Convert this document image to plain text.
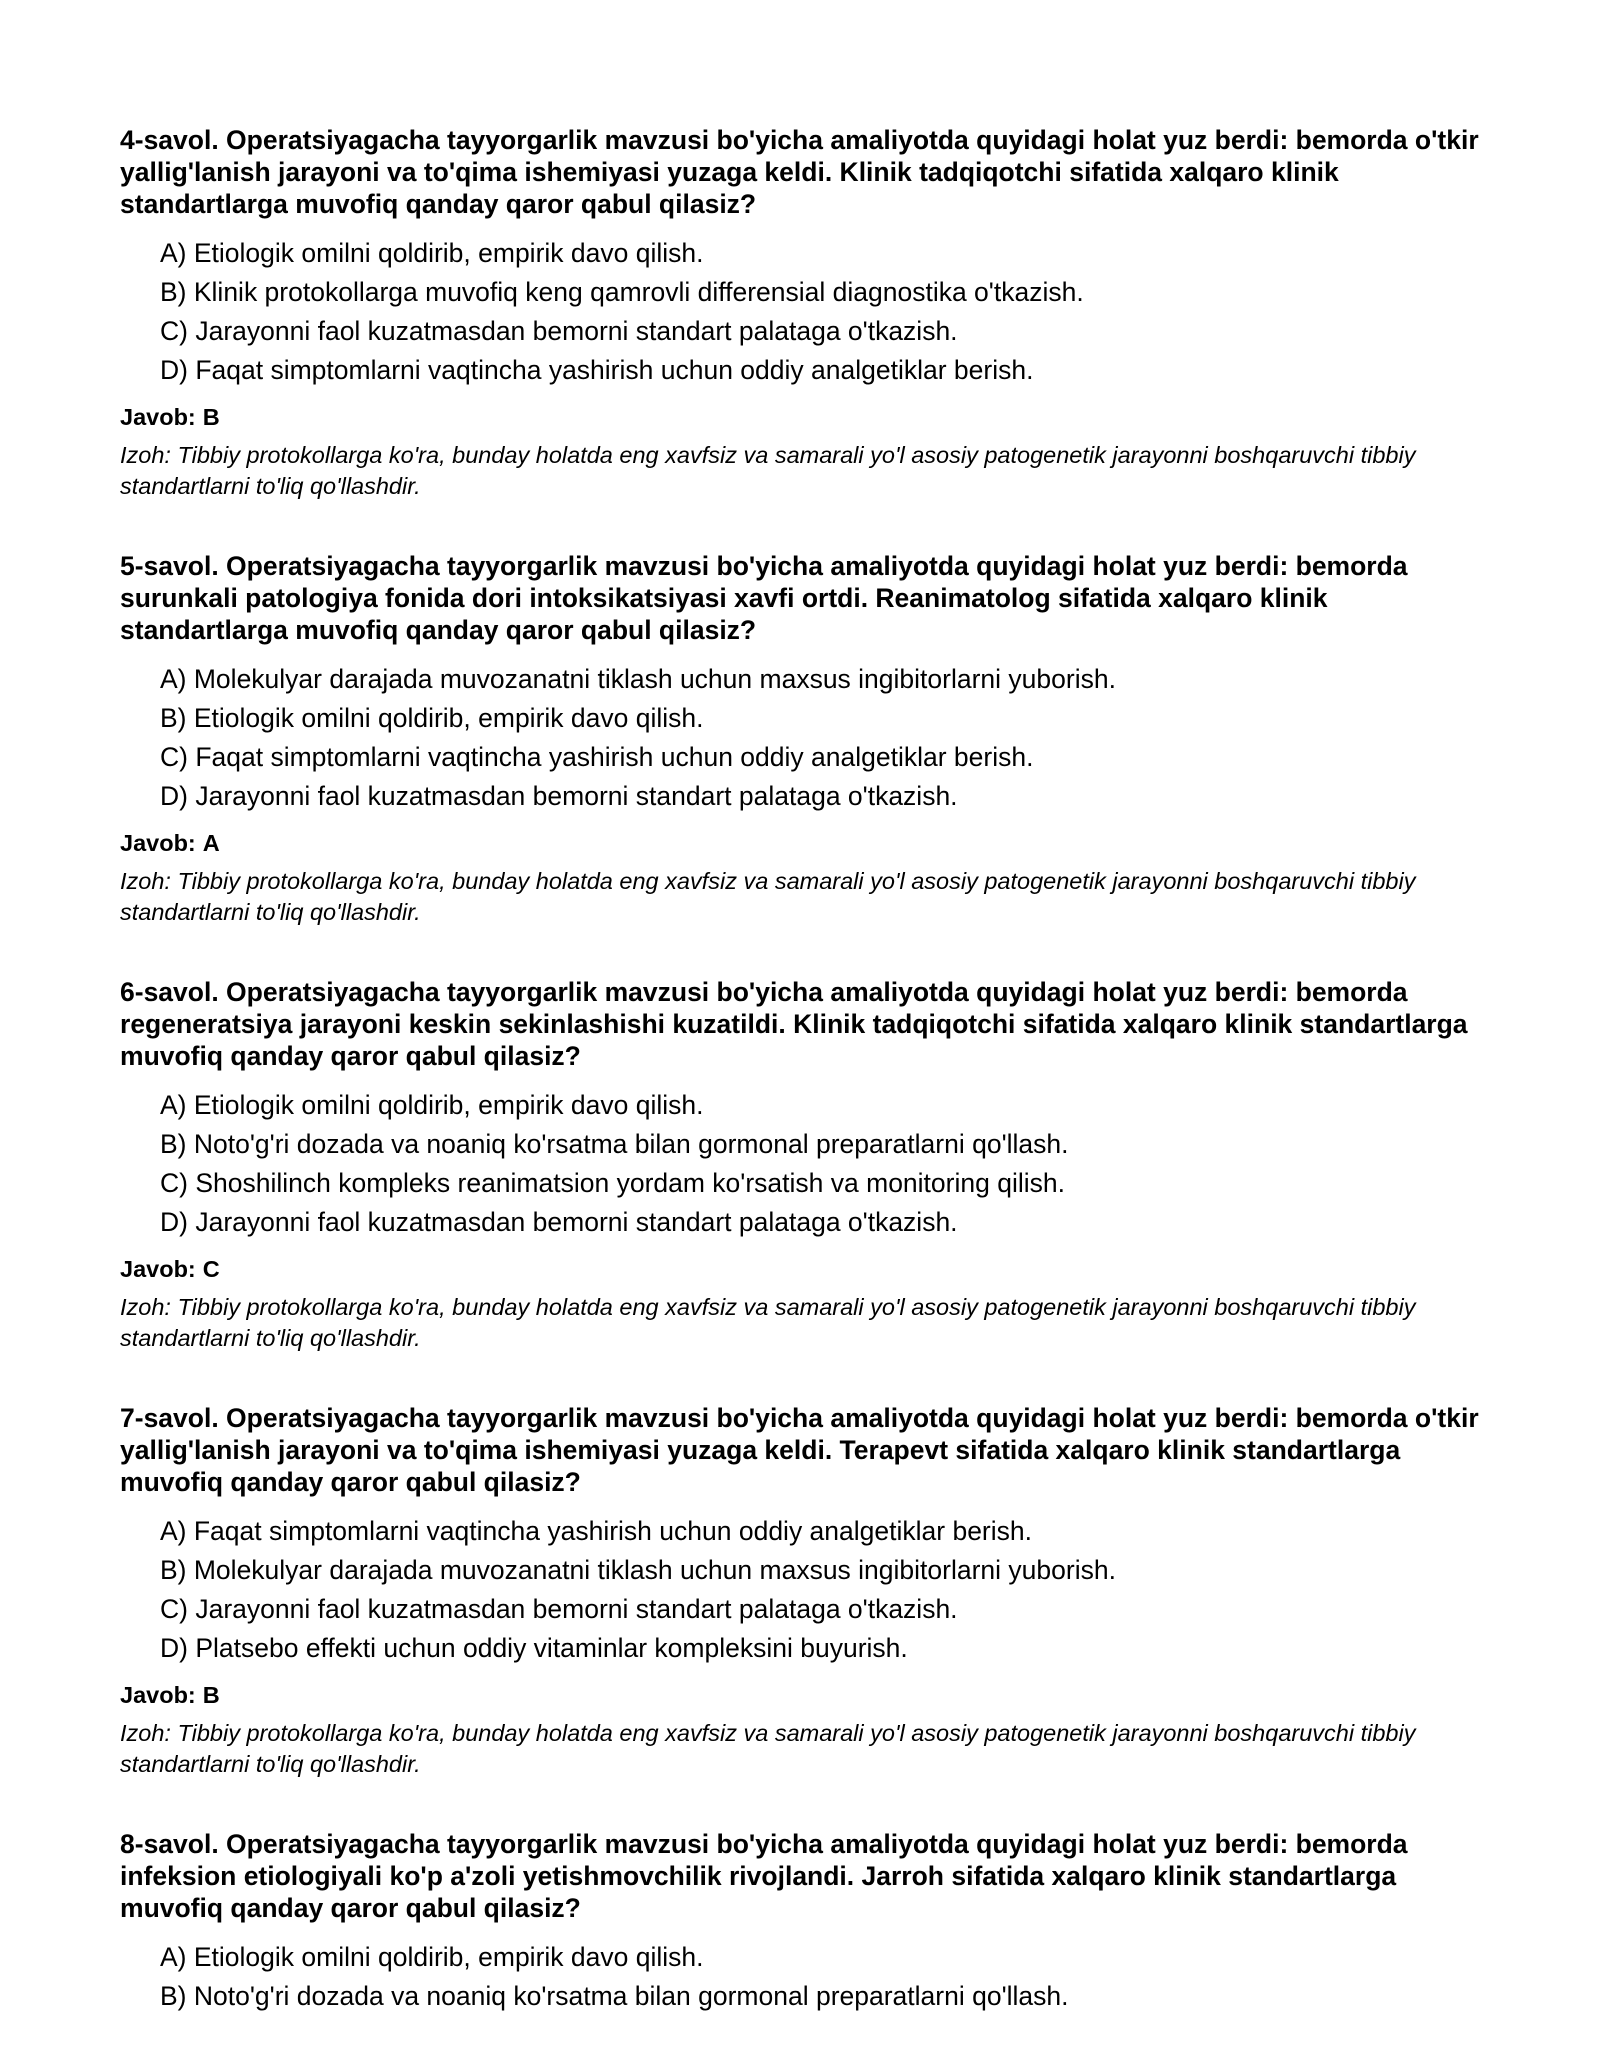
4-savol. Operatsiyagacha tayyorgarlik mavzusi bo'yicha amaliyotda quyidagi holat yuz berdi: bemorda o'tkir yallig'lanish jarayoni va to'qima ishemiyasi yuzaga keldi. Klinik tadqiqotchi sifatida xalqaro klinik standartlarga muvofiq qanday qaror qabul qilasiz?

A) Etiologik omilni qoldirib, empirik davo qilish.
B) Klinik protokollarga muvofiq keng qamrovli differensial diagnostika o'tkazish.
C) Jarayonni faol kuzatmasdan bemorni standart palataga o'tkazish.
D) Faqat simptomlarni vaqtincha yashirish uchun oddiy analgetiklar berish.
Javob: B

Izoh: Tibbiy protokollarga ko'ra, bunday holatda eng xavfsiz va samarali yo'l asosiy patogenetik jarayonni boshqaruvchi tibbiy standartlarni to'liq qo'llashdir.

5-savol. Operatsiyagacha tayyorgarlik mavzusi bo'yicha amaliyotda quyidagi holat yuz berdi: bemorda surunkali patologiya fonida dori intoksikatsiyasi xavfi ortdi. Reanimatolog sifatida xalqaro klinik standartlarga muvofiq qanday qaror qabul qilasiz?

A) Molekulyar darajada muvozanatni tiklash uchun maxsus ingibitorlarni yuborish.
B) Etiologik omilni qoldirib, empirik davo qilish.
C) Faqat simptomlarni vaqtincha yashirish uchun oddiy analgetiklar berish.
D) Jarayonni faol kuzatmasdan bemorni standart palataga o'tkazish.
Javob: A

Izoh: Tibbiy protokollarga ko'ra, bunday holatda eng xavfsiz va samarali yo'l asosiy patogenetik jarayonni boshqaruvchi tibbiy standartlarni to'liq qo'llashdir.

6-savol. Operatsiyagacha tayyorgarlik mavzusi bo'yicha amaliyotda quyidagi holat yuz berdi: bemorda regeneratsiya jarayoni keskin sekinlashishi kuzatildi. Klinik tadqiqotchi sifatida xalqaro klinik standartlarga muvofiq qanday qaror qabul qilasiz?

A) Etiologik omilni qoldirib, empirik davo qilish.
B) Noto'g'ri dozada va noaniq ko'rsatma bilan gormonal preparatlarni qo'llash.
C) Shoshilinch kompleks reanimatsion yordam ko'rsatish va monitoring qilish.
D) Jarayonni faol kuzatmasdan bemorni standart palataga o'tkazish.
Javob: C

Izoh: Tibbiy protokollarga ko'ra, bunday holatda eng xavfsiz va samarali yo'l asosiy patogenetik jarayonni boshqaruvchi tibbiy standartlarni to'liq qo'llashdir.

7-savol. Operatsiyagacha tayyorgarlik mavzusi bo'yicha amaliyotda quyidagi holat yuz berdi: bemorda o'tkir yallig'lanish jarayoni va to'qima ishemiyasi yuzaga keldi. Terapevt sifatida xalqaro klinik standartlarga muvofiq qanday qaror qabul qilasiz?

A) Faqat simptomlarni vaqtincha yashirish uchun oddiy analgetiklar berish.
B) Molekulyar darajada muvozanatni tiklash uchun maxsus ingibitorlarni yuborish.
C) Jarayonni faol kuzatmasdan bemorni standart palataga o'tkazish.
D) Platsebo effekti uchun oddiy vitaminlar kompleksini buyurish.
Javob: B

Izoh: Tibbiy protokollarga ko'ra, bunday holatda eng xavfsiz va samarali yo'l asosiy patogenetik jarayonni boshqaruvchi tibbiy standartlarni to'liq qo'llashdir.

8-savol. Operatsiyagacha tayyorgarlik mavzusi bo'yicha amaliyotda quyidagi holat yuz berdi: bemorda infeksion etiologiyali ko'p a'zoli yetishmovchilik rivojlandi. Jarroh sifatida xalqaro klinik standartlarga muvofiq qanday qaror qabul qilasiz?

A) Etiologik omilni qoldirib, empirik davo qilish.
B) Noto'g'ri dozada va noaniq ko'rsatma bilan gormonal preparatlarni qo'llash.
